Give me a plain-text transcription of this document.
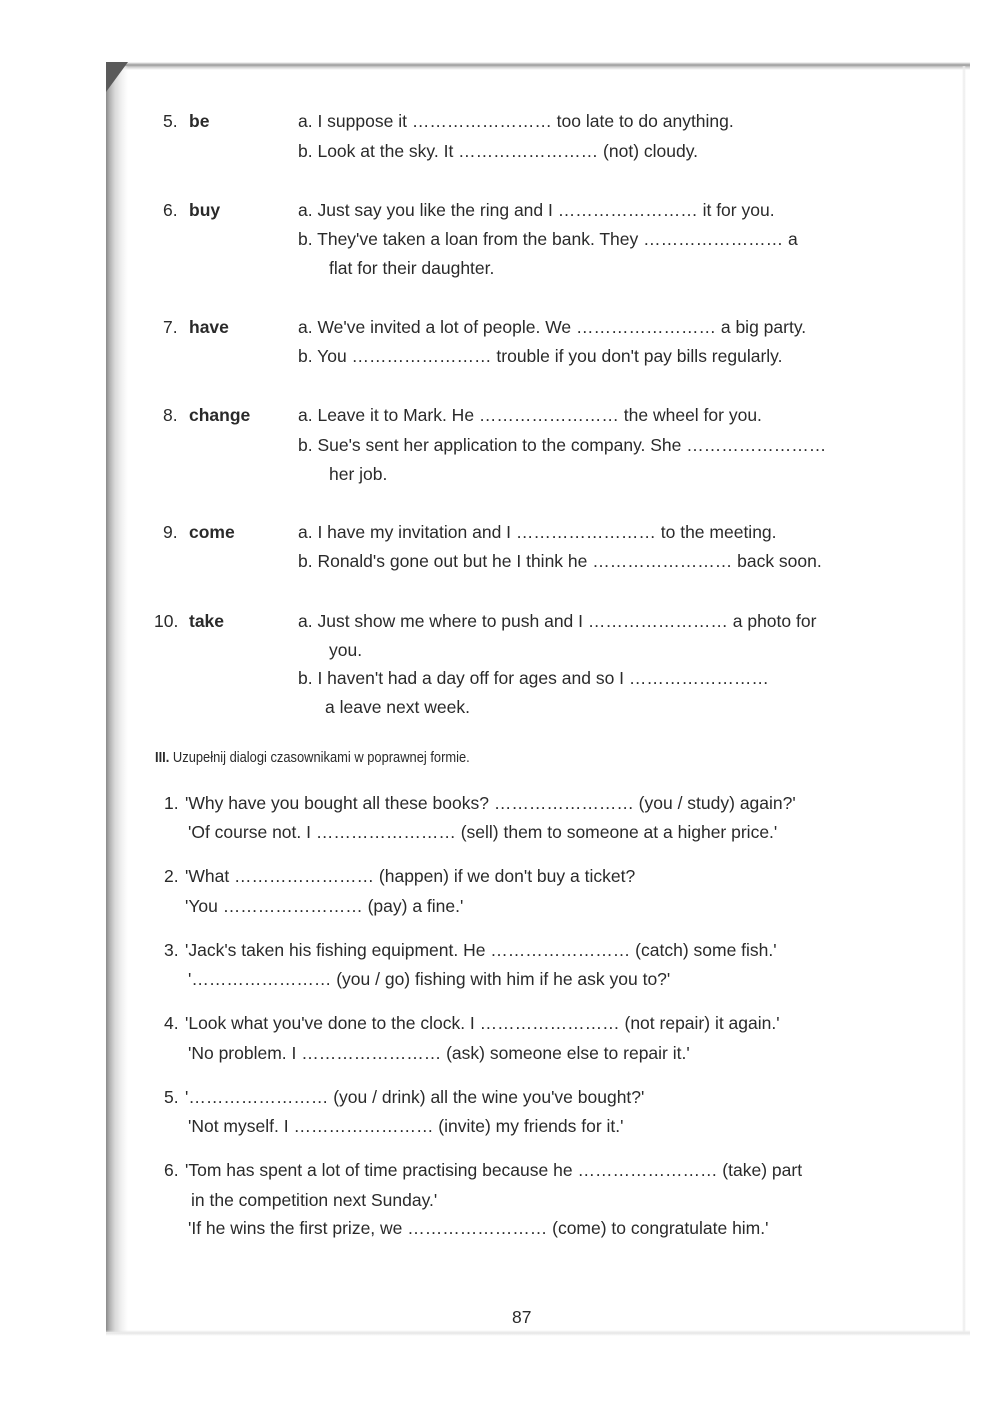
5. be	a. I suppose it …………………… too late to do anything.
b. Look at the sky. It …………………… (not) cloudy.
6. buy	a. Just say you like the ring and I …………………… it for you.
b. They've taken a loan from the bank. They …………………… a
flat for their daughter.
7. have	a. We've invited a lot of people. We …………………… a big party.
b. You …………………… trouble if you don't pay bills regularly.
8. change	a. Leave it to Mark. He …………………… the wheel for you.
b. Sue's sent her application to the company. She ……………………
her job.
9. come	a. I have my invitation and I …………………… to the meeting.
b. Ronald's gone out but he I think he …………………… back soon.
10. take	a. Just show me where to push and I …………………… a photo for
you.
b. I haven't had a day off for ages and so I ……………………
a leave next week.
III. Uzupełnij dialogi czasownikami w poprawnej formie.
1. 'Why have you bought all these books? …………………… (you / study) again?'
'Of course not. I …………………… (sell) them to someone at a higher price.'
2. 'What …………………… (happen) if we don't buy a ticket?
'You …………………… (pay) a fine.'
3. 'Jack's taken his fishing equipment. He …………………… (catch) some fish.'
'…………………… (you / go) fishing with him if he ask you to?'
4. 'Look what you've done to the clock. I …………………… (not repair) it again.'
'No problem. I …………………… (ask) someone else to repair it.'
5. '…………………… (you / drink) all the wine you've bought?'
'Not myself. I …………………… (invite) my friends for it.'
6. 'Tom has spent a lot of time practising because he …………………… (take) part
in the competition next Sunday.'
'If he wins the first prize, we …………………… (come) to congratulate him.'
87
